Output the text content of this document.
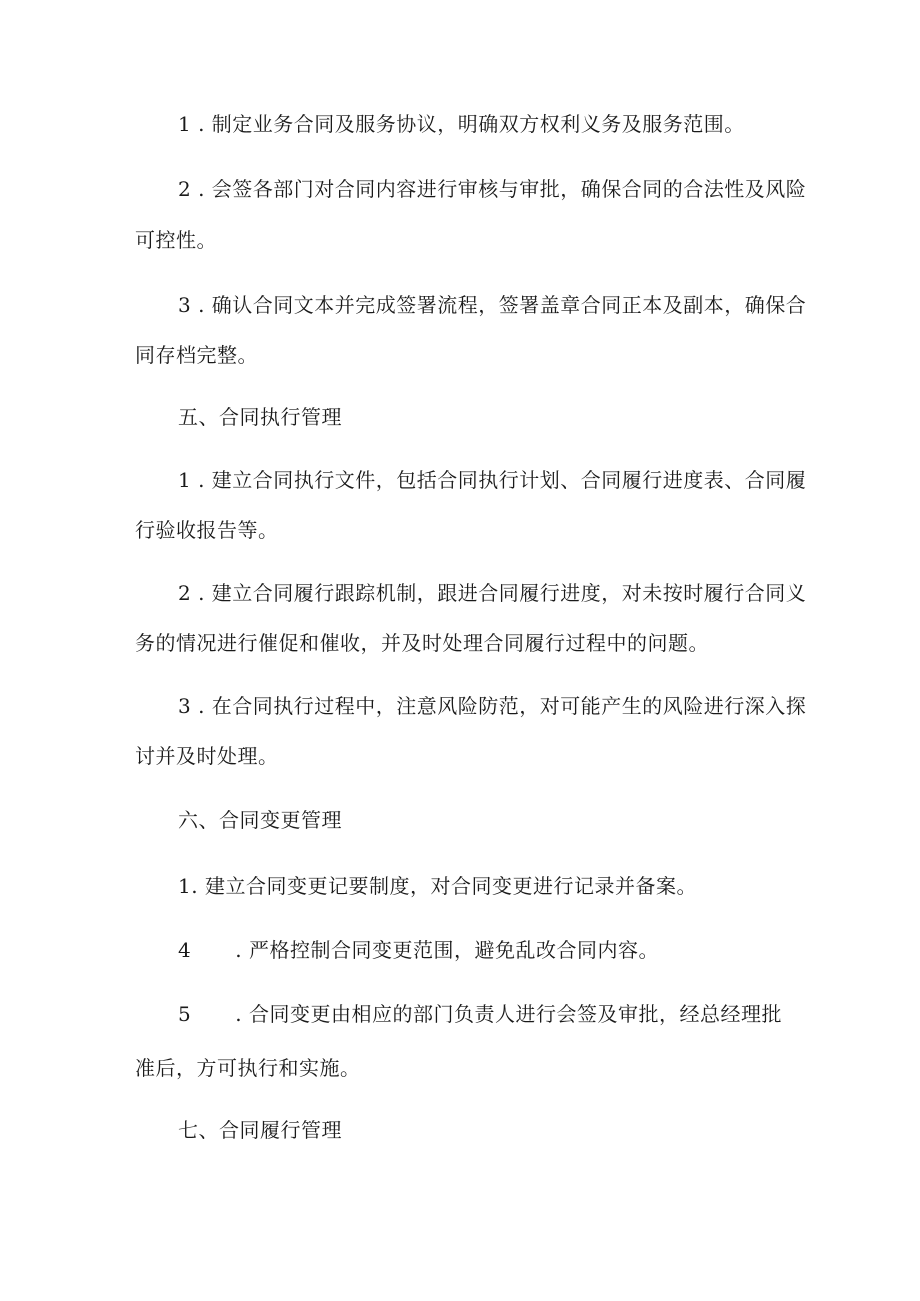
1 . 制定业务合同及服务协议，明确双方权利义务及服务范围。
2 . 会签各部门对合同内容进行审核与审批，确保合同的合法性及风险
可控性。
3 . 确认合同文本并完成签署流程，签署盖章合同正本及副本，确保合
同存档完整。
五、合同执行管理
1 . 建立合同执行文件，包括合同执行计划、合同履行进度表、合同履
行验收报告等。
2 . 建立合同履行跟踪机制，跟进合同履行进度，对未按时履行合同义
务的情况进行催促和催收，并及时处理合同履行过程中的问题。
3 . 在合同执行过程中，注意风险防范，对可能产生的风险进行深入探
讨并及时处理。
六、合同变更管理
1. 建立合同变更记要制度，对合同变更进行记录并备案。
4 . 严格控制合同变更范围，避免乱改合同内容。
5 . 合同变更由相应的部门负责人进行会签及审批，经总经理批
准后，方可执行和实施。
七、合同履行管理
